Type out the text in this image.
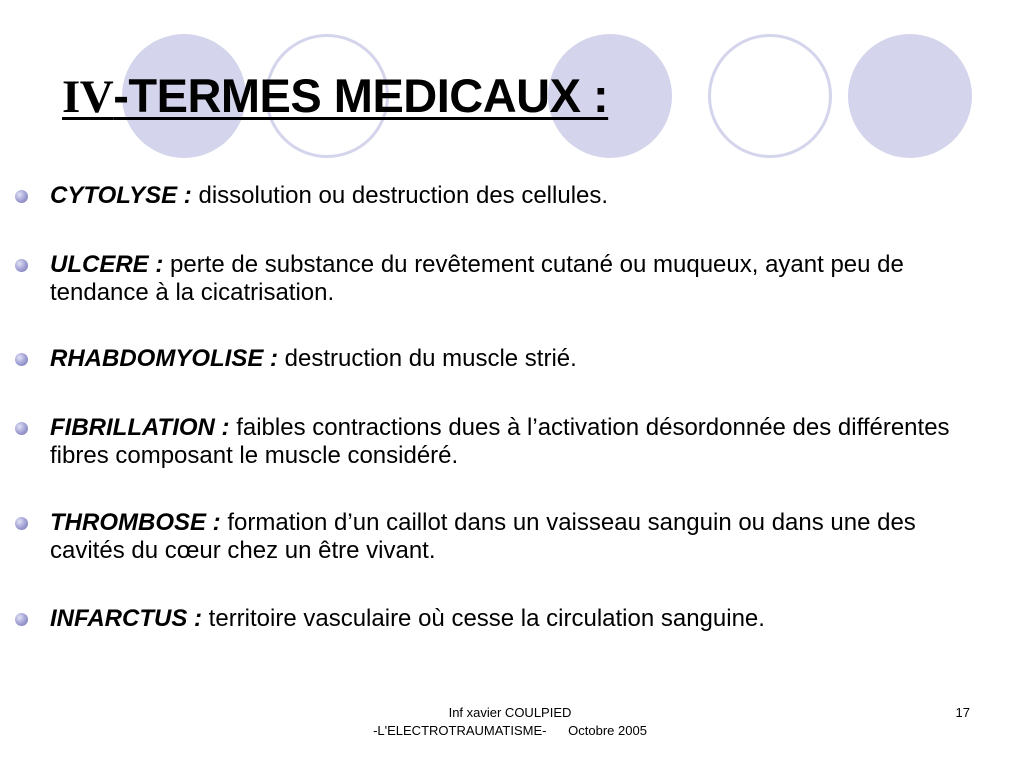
IV-TERMES MEDICAUX :
CYTOLYSE : dissolution ou destruction des cellules.
ULCERE : perte de substance du revêtement cutané ou muqueux, ayant peu de tendance à la cicatrisation.
RHABDOMYOLISE : destruction du muscle strié.
FIBRILLATION : faibles contractions dues à l’activation désordonnée des différentes fibres composant le muscle considéré.
THROMBOSE : formation d’un caillot dans un vaisseau sanguin ou dans une des cavités du cœur chez un être vivant.
INFARCTUS : territoire vasculaire où cesse la circulation sanguine.
Inf xavier COULPIED
-L'ELECTROTRAUMATISME- Octobre 2005
17
